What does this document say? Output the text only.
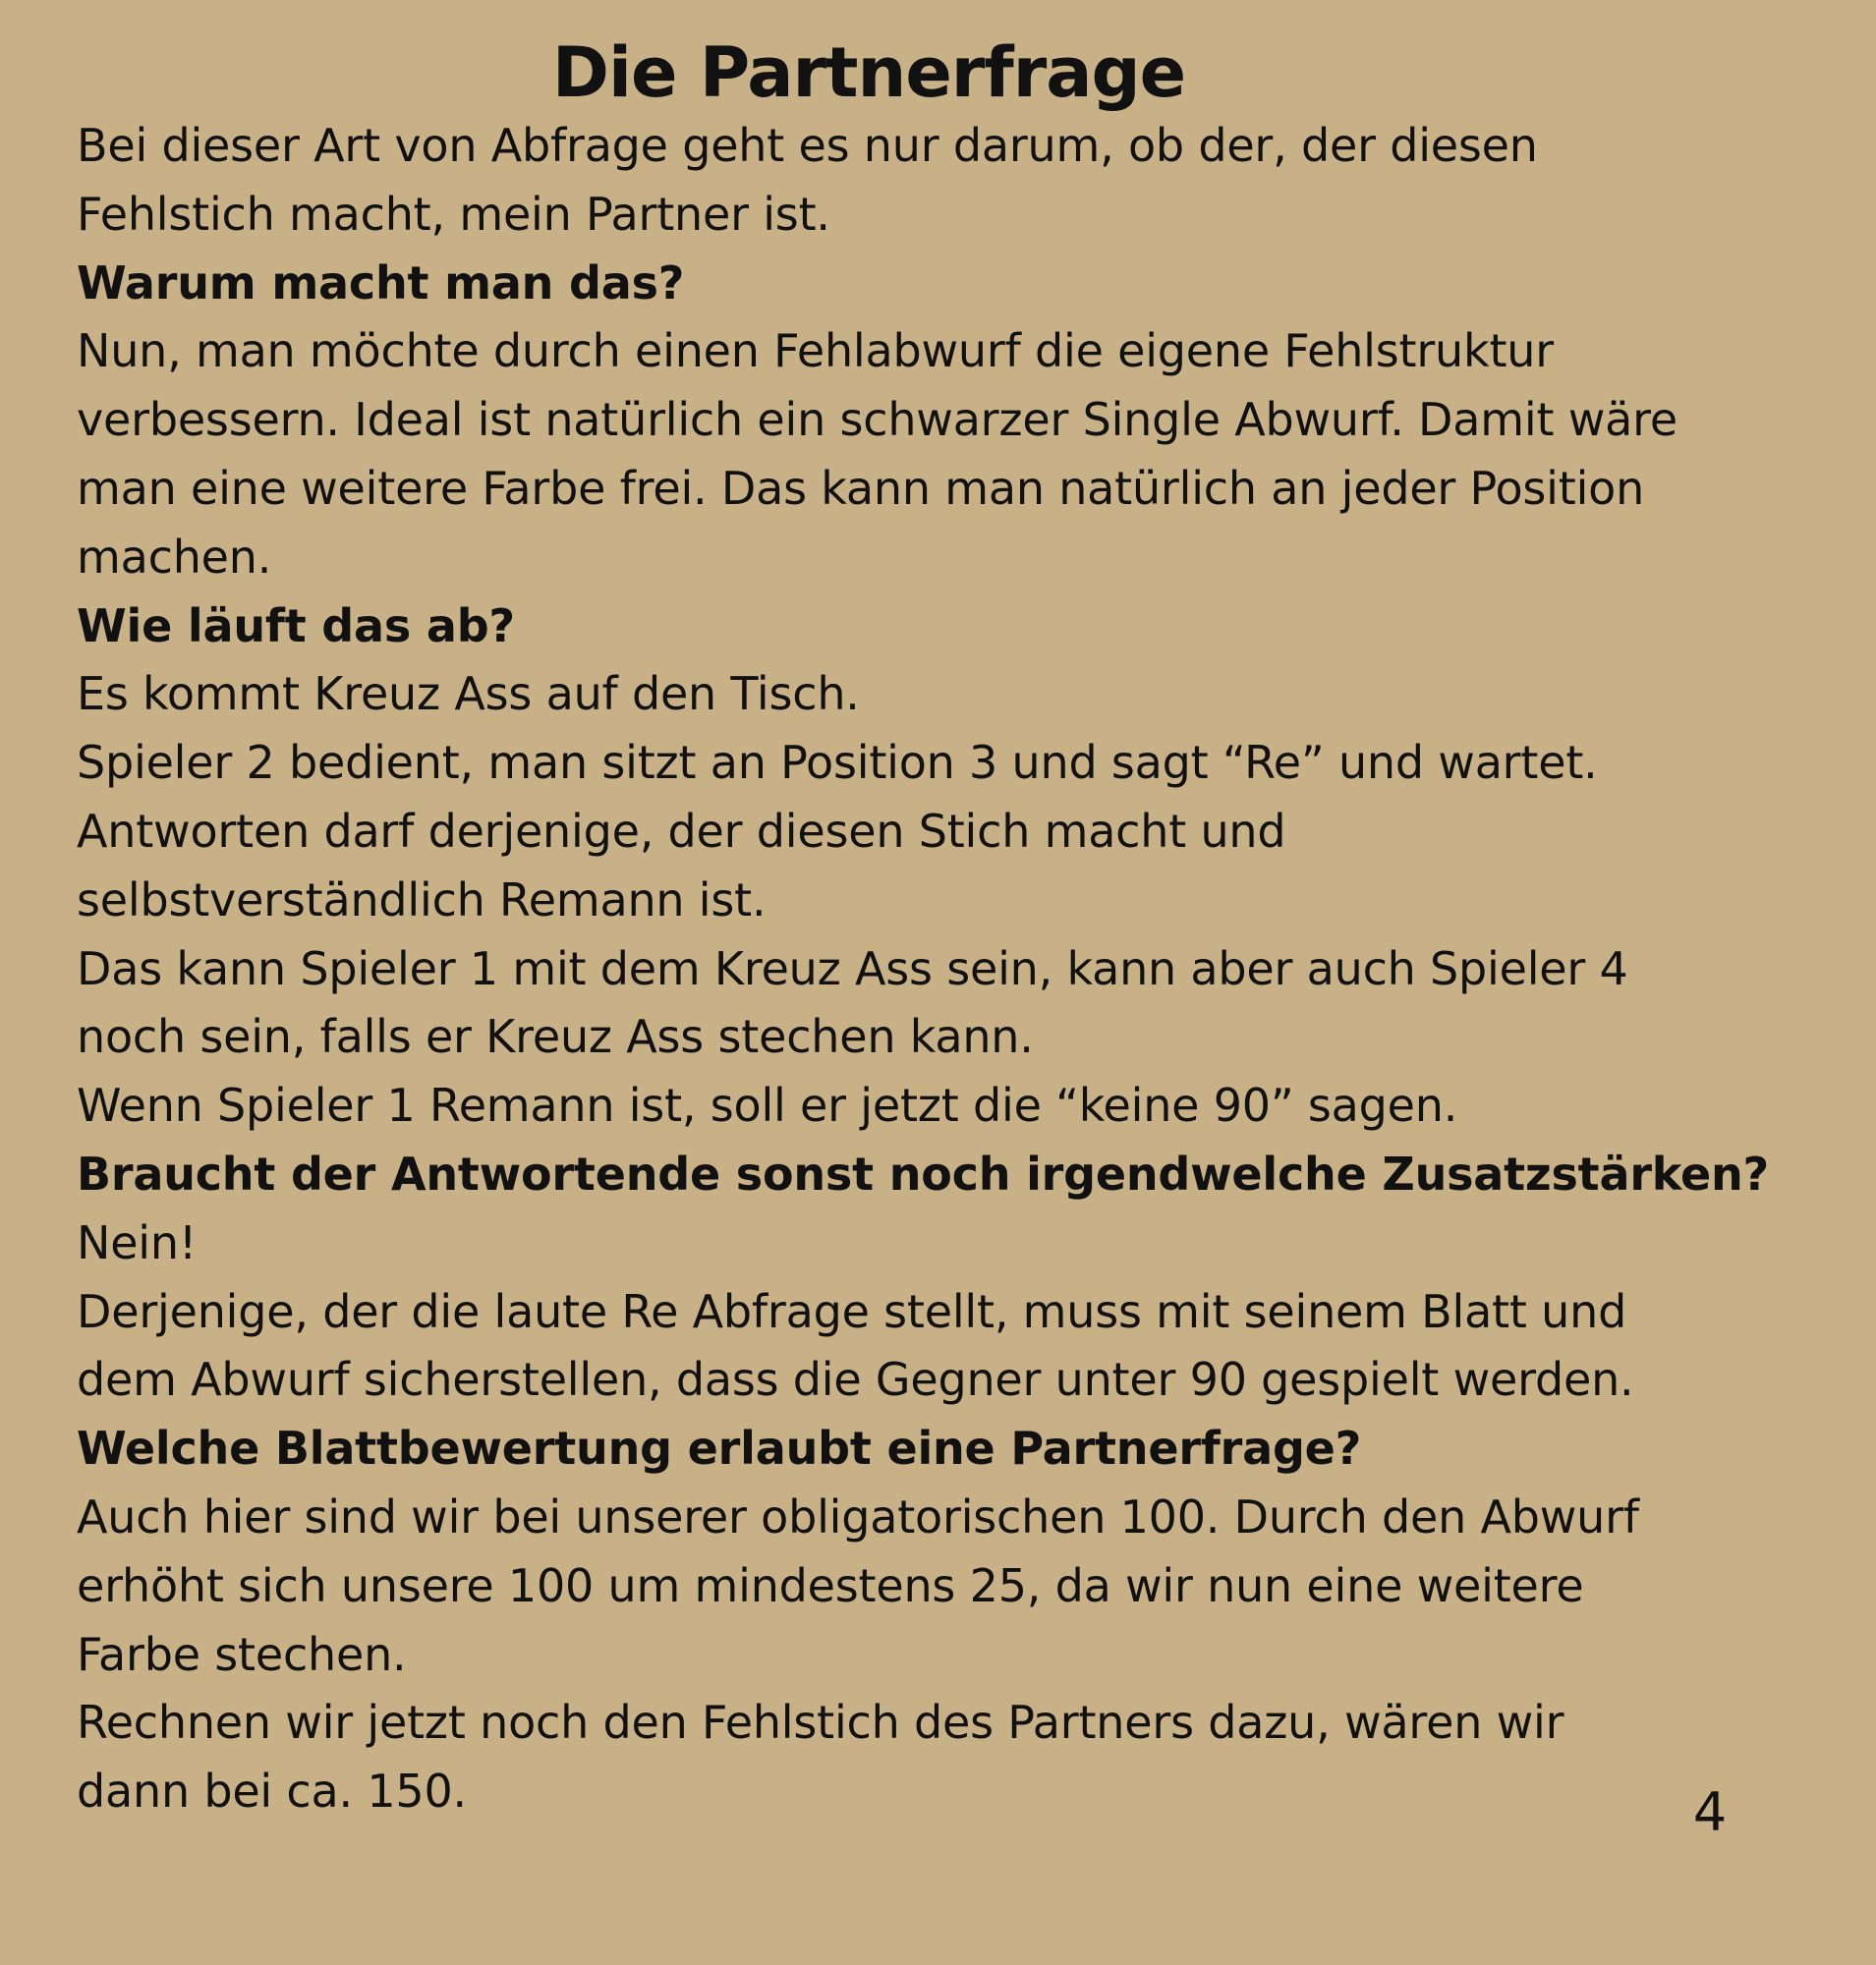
Die Partnerfrage
Bei dieser Art von Abfrage geht es nur darum, ob der, der diesen
Fehlstich macht, mein Partner ist.
Warum macht man das?
Nun, man möchte durch einen Fehlabwurf die eigene Fehlstruktur
verbessern. Ideal ist natürlich ein schwarzer Single Abwurf. Damit wäre
man eine weitere Farbe frei. Das kann man natürlich an jeder Position
machen.
Wie läuft das ab?
Es kommt Kreuz Ass auf den Tisch.
Spieler 2 bedient, man sitzt an Position 3 und sagt “Re” und wartet.
Antworten darf derjenige, der diesen Stich macht und
selbstverständlich Remann ist.
Das kann Spieler 1 mit dem Kreuz Ass sein, kann aber auch Spieler 4
noch sein, falls er Kreuz Ass stechen kann.
Wenn Spieler 1 Remann ist, soll er jetzt die “keine 90” sagen.
Braucht der Antwortende sonst noch irgendwelche Zusatzstärken?
Nein!
Derjenige, der die laute Re Abfrage stellt, muss mit seinem Blatt und
dem Abwurf sicherstellen, dass die Gegner unter 90 gespielt werden.
Welche Blattbewertung erlaubt eine Partnerfrage?
Auch hier sind wir bei unserer obligatorischen 100. Durch den Abwurf
erhöht sich unsere 100 um mindestens 25, da wir nun eine weitere
Farbe stechen.
Rechnen wir jetzt noch den Fehlstich des Partners dazu, wären wir
dann bei ca. 150.	4
